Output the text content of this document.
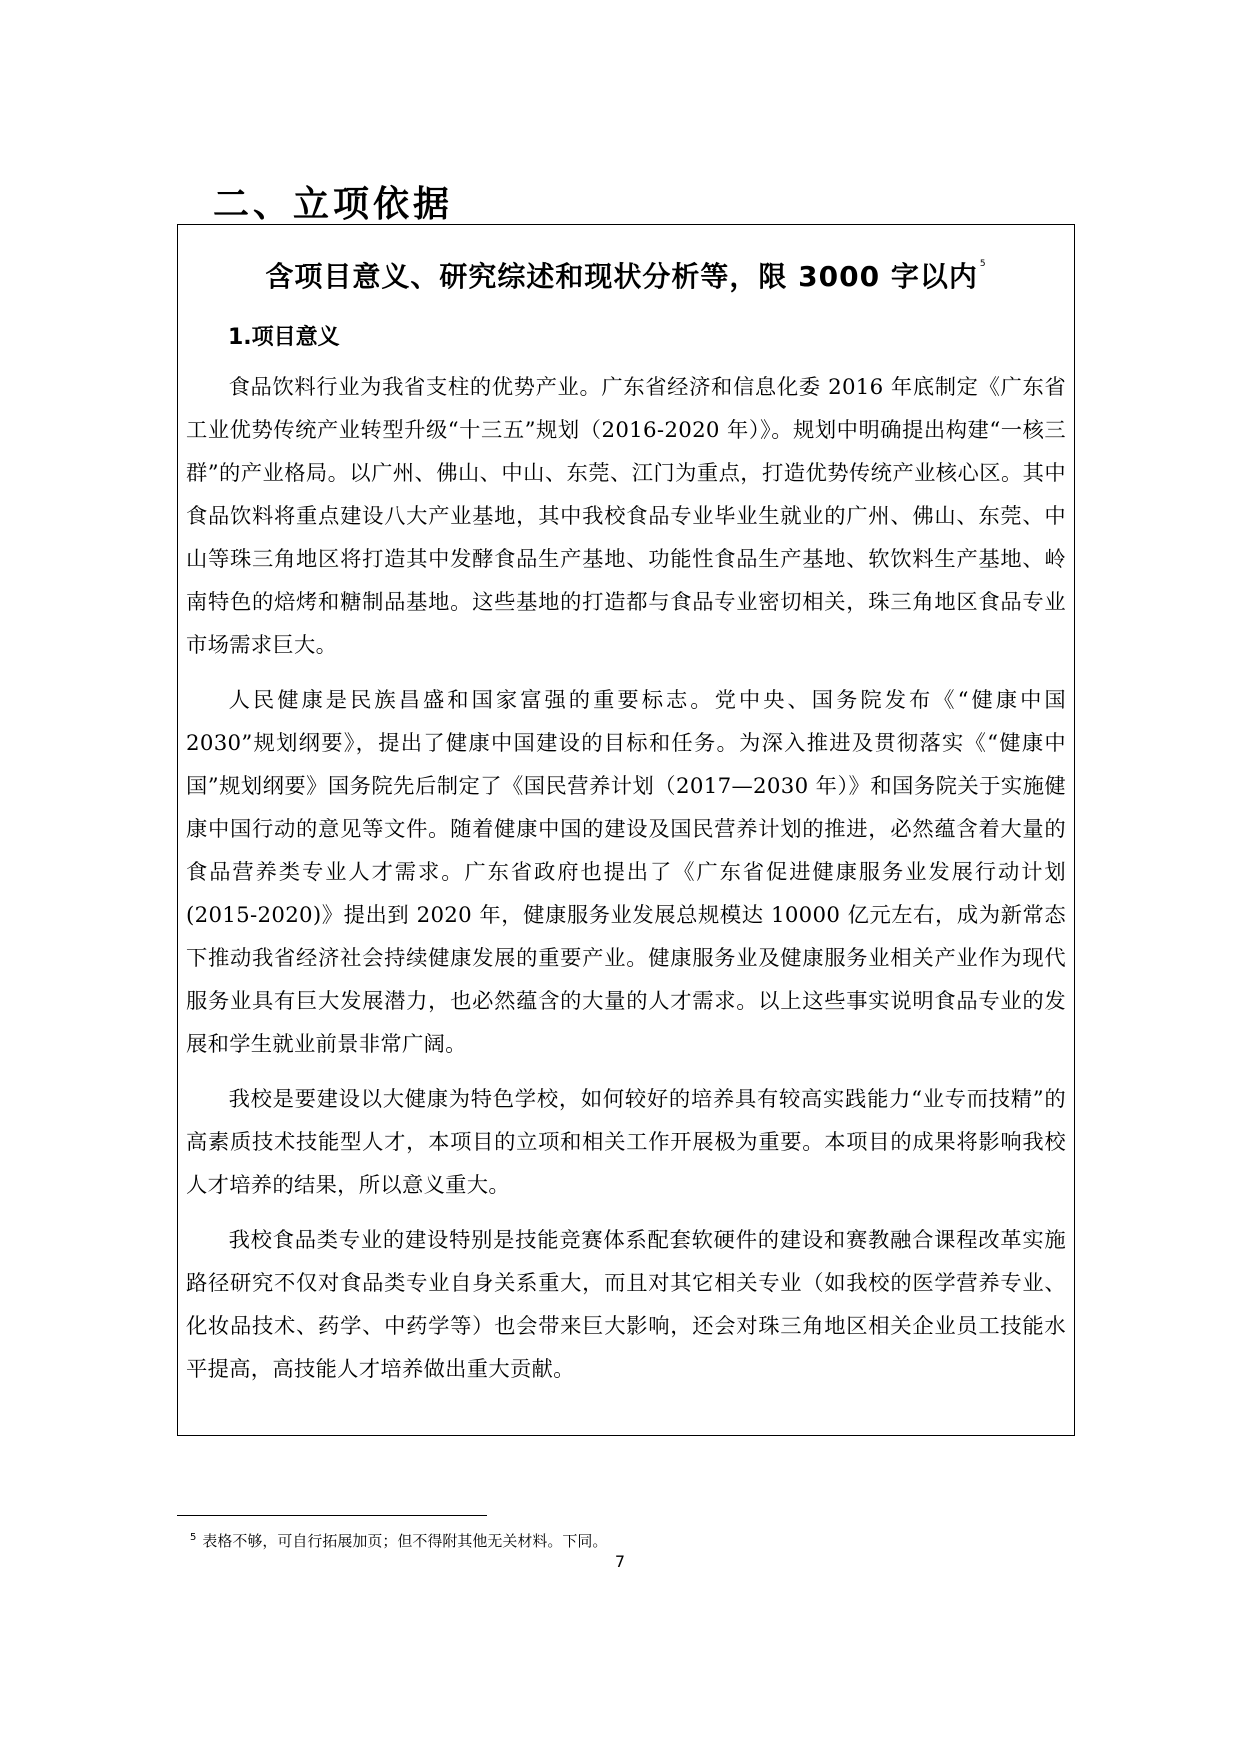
二、立项依据
含项目意义、研究综述和现状分析等，限 3000 字以内 $^5$
1.项目意义

食品饮料行业为我省支柱的优势产业。广东省经济和信息化委 2016 年底制定《广东省工业优势传统产业转型升级“十三五”规划（2016-2020 年）》。规划中明确提出构建“一核三群”的产业格局。以广州、佛山、中山、东莞、江门为重点，打造优势传统产业核心区。其中食品饮料将重点建设八大产业基地，其中我校食品专业毕业生就业的广州、佛山、东莞、中山等珠三角地区将打造其中发酵食品生产基地、功能性食品生产基地、软饮料生产基地、岭南特色的焙烤和糖制品基地。这些基地的打造都与食品专业密切相关，珠三角地区食品专业市场需求巨大。

人民健康是民族昌盛和国家富强的重要标志。党中央、国务院发布《“健康中国 2030”规划纲要》，提出了健康中国建设的目标和任务。为深入推进及贯彻落实《“健康中国”规划纲要》国务院先后制定了《国民营养计划（2017—2030 年）》和国务院关于实施健康中国行动的意见等文件。随着健康中国的建设及国民营养计划的推进，必然蕴含着大量的食品营养类专业人才需求。广东省政府也提出了《广东省促进健康服务业发展行动计划(2015-2020)》提出到 2020 年，健康服务业发展总规模达 10000 亿元左右，成为新常态下推动我省经济社会持续健康发展的重要产业。健康服务业及健康服务业相关产业作为现代服务业具有巨大发展潜力，也必然蕴含的大量的人才需求。以上这些事实说明食品专业的发展和学生就业前景非常广阔。

我校是要建设以大健康为特色学校，如何较好的培养具有较高实践能力“业专而技精”的高素质技术技能型人才，本项目的立项和相关工作开展极为重要。本项目的成果将影响我校人才培养的结果，所以意义重大。

我校食品类专业的建设特别是技能竞赛体系配套软硬件的建设和赛教融合课程改革实施路径研究不仅对食品类专业自身关系重大，而且对其它相关专业（如我校的医学营养专业、化妆品技术、药学、中药学等）也会带来巨大影响，还会对珠三角地区相关企业员工技能水平提高，高技能人才培养做出重大贡献。

$^5$ 表格不够，可自行拓展加页；但不得附其他无关材料。下同。
7
